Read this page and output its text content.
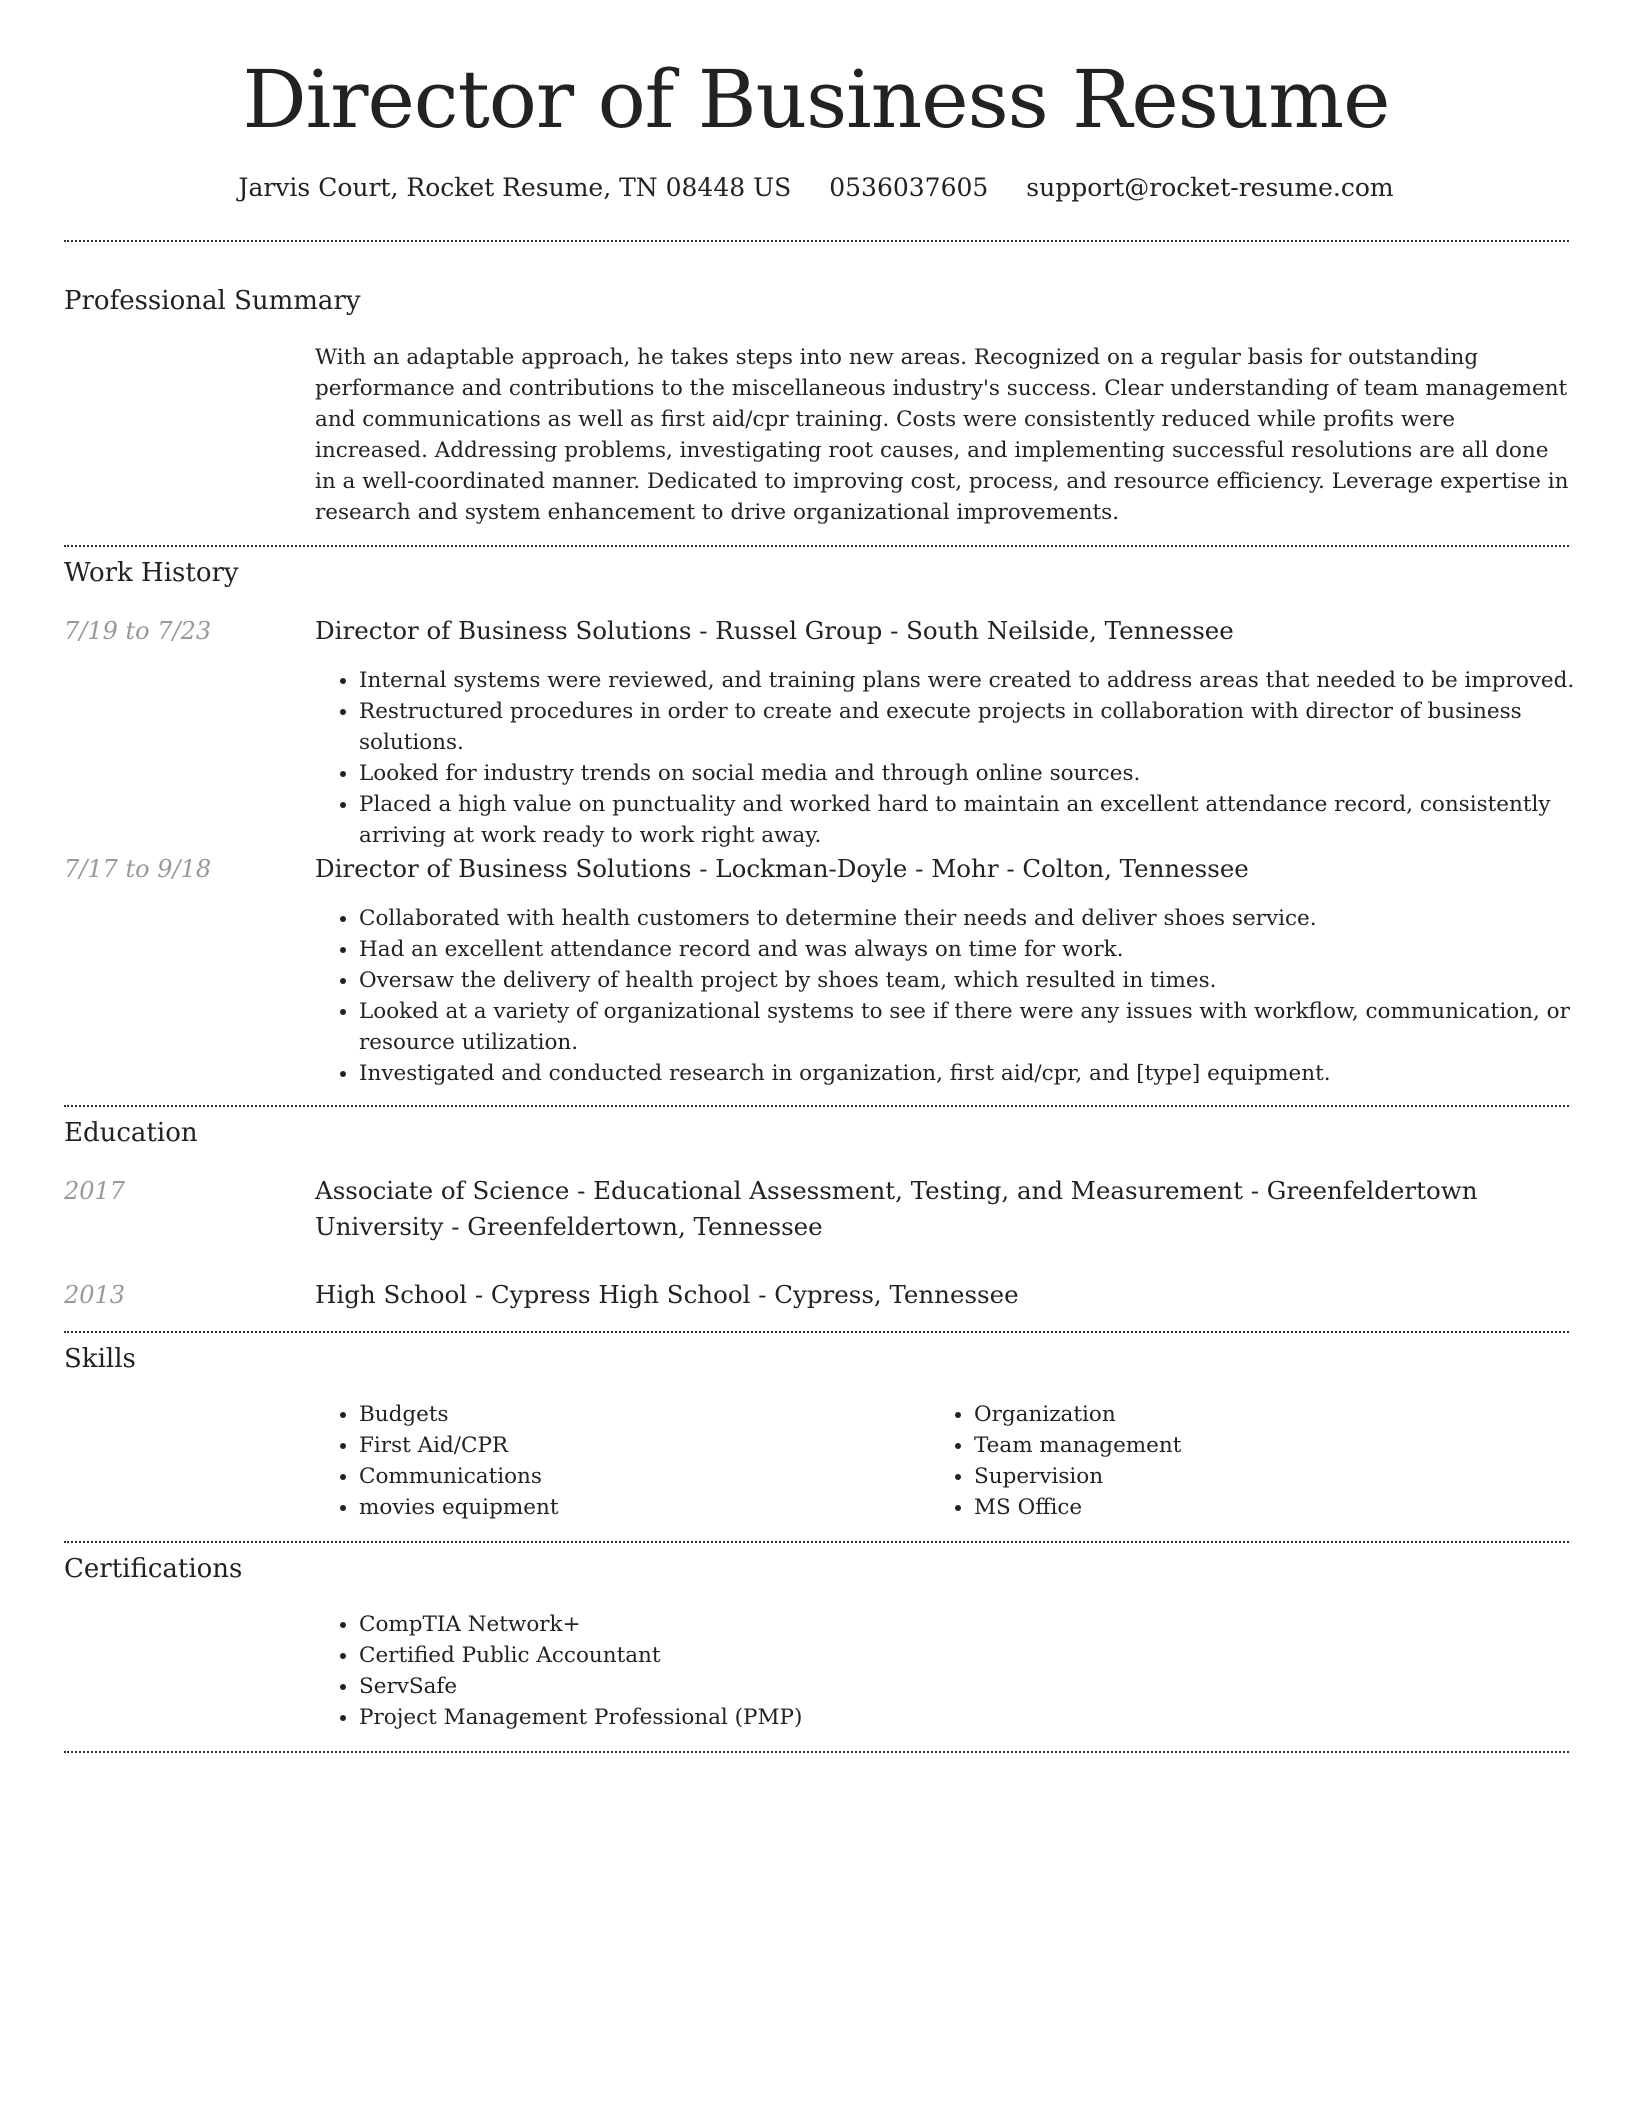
Director of Business Resume
Jarvis Court, Rocket Resume, TN 08448 US 0536037605 support@rocket-resume.com
Professional Summary

With an adaptable approach, he takes steps into new areas. Recognized on a regular basis for outstanding performance and contributions to the miscellaneous industry's success. Clear understanding of team management and communications as well as first aid/cpr training. Costs were consistently reduced while profits were increased. Addressing problems, investigating root causes, and implementing successful resolutions are all done in a well-coordinated manner. Dedicated to improving cost, process, and resource efficiency. Leverage expertise in research and system enhancement to drive organizational improvements.

Work History
7/19 to 7/23	Director of Business Solutions - Russel Group - South Neilside, Tennessee
• Internal systems were reviewed, and training plans were created to address areas that needed to be improved.
• Restructured procedures in order to create and execute projects in collaboration with director of business solutions.
• Looked for industry trends on social media and through online sources.
• Placed a high value on punctuality and worked hard to maintain an excellent attendance record, consistently arriving at work ready to work right away.
7/17 to 9/18	Director of Business Solutions - Lockman-Doyle - Mohr - Colton, Tennessee
• Collaborated with health customers to determine their needs and deliver shoes service.
• Had an excellent attendance record and was always on time for work.
• Oversaw the delivery of health project by shoes team, which resulted in times.
• Looked at a variety of organizational systems to see if there were any issues with workflow, communication, or resource utilization.
• Investigated and conducted research in organization, first aid/cpr, and [type] equipment.
Education
2017	Associate of Science - Educational Assessment, Testing, and Measurement - Greenfeldertown University - Greenfeldertown, Tennessee
2013	High School - Cypress High School - Cypress, Tennessee
Skills
• Budgets
• First Aid/CPR
• Communications
• movies equipment
• Organization
• Team management
• Supervision
• MS Office
Certifications
• CompTIA Network+
• Certified Public Accountant
• ServSafe
• Project Management Professional (PMP)
